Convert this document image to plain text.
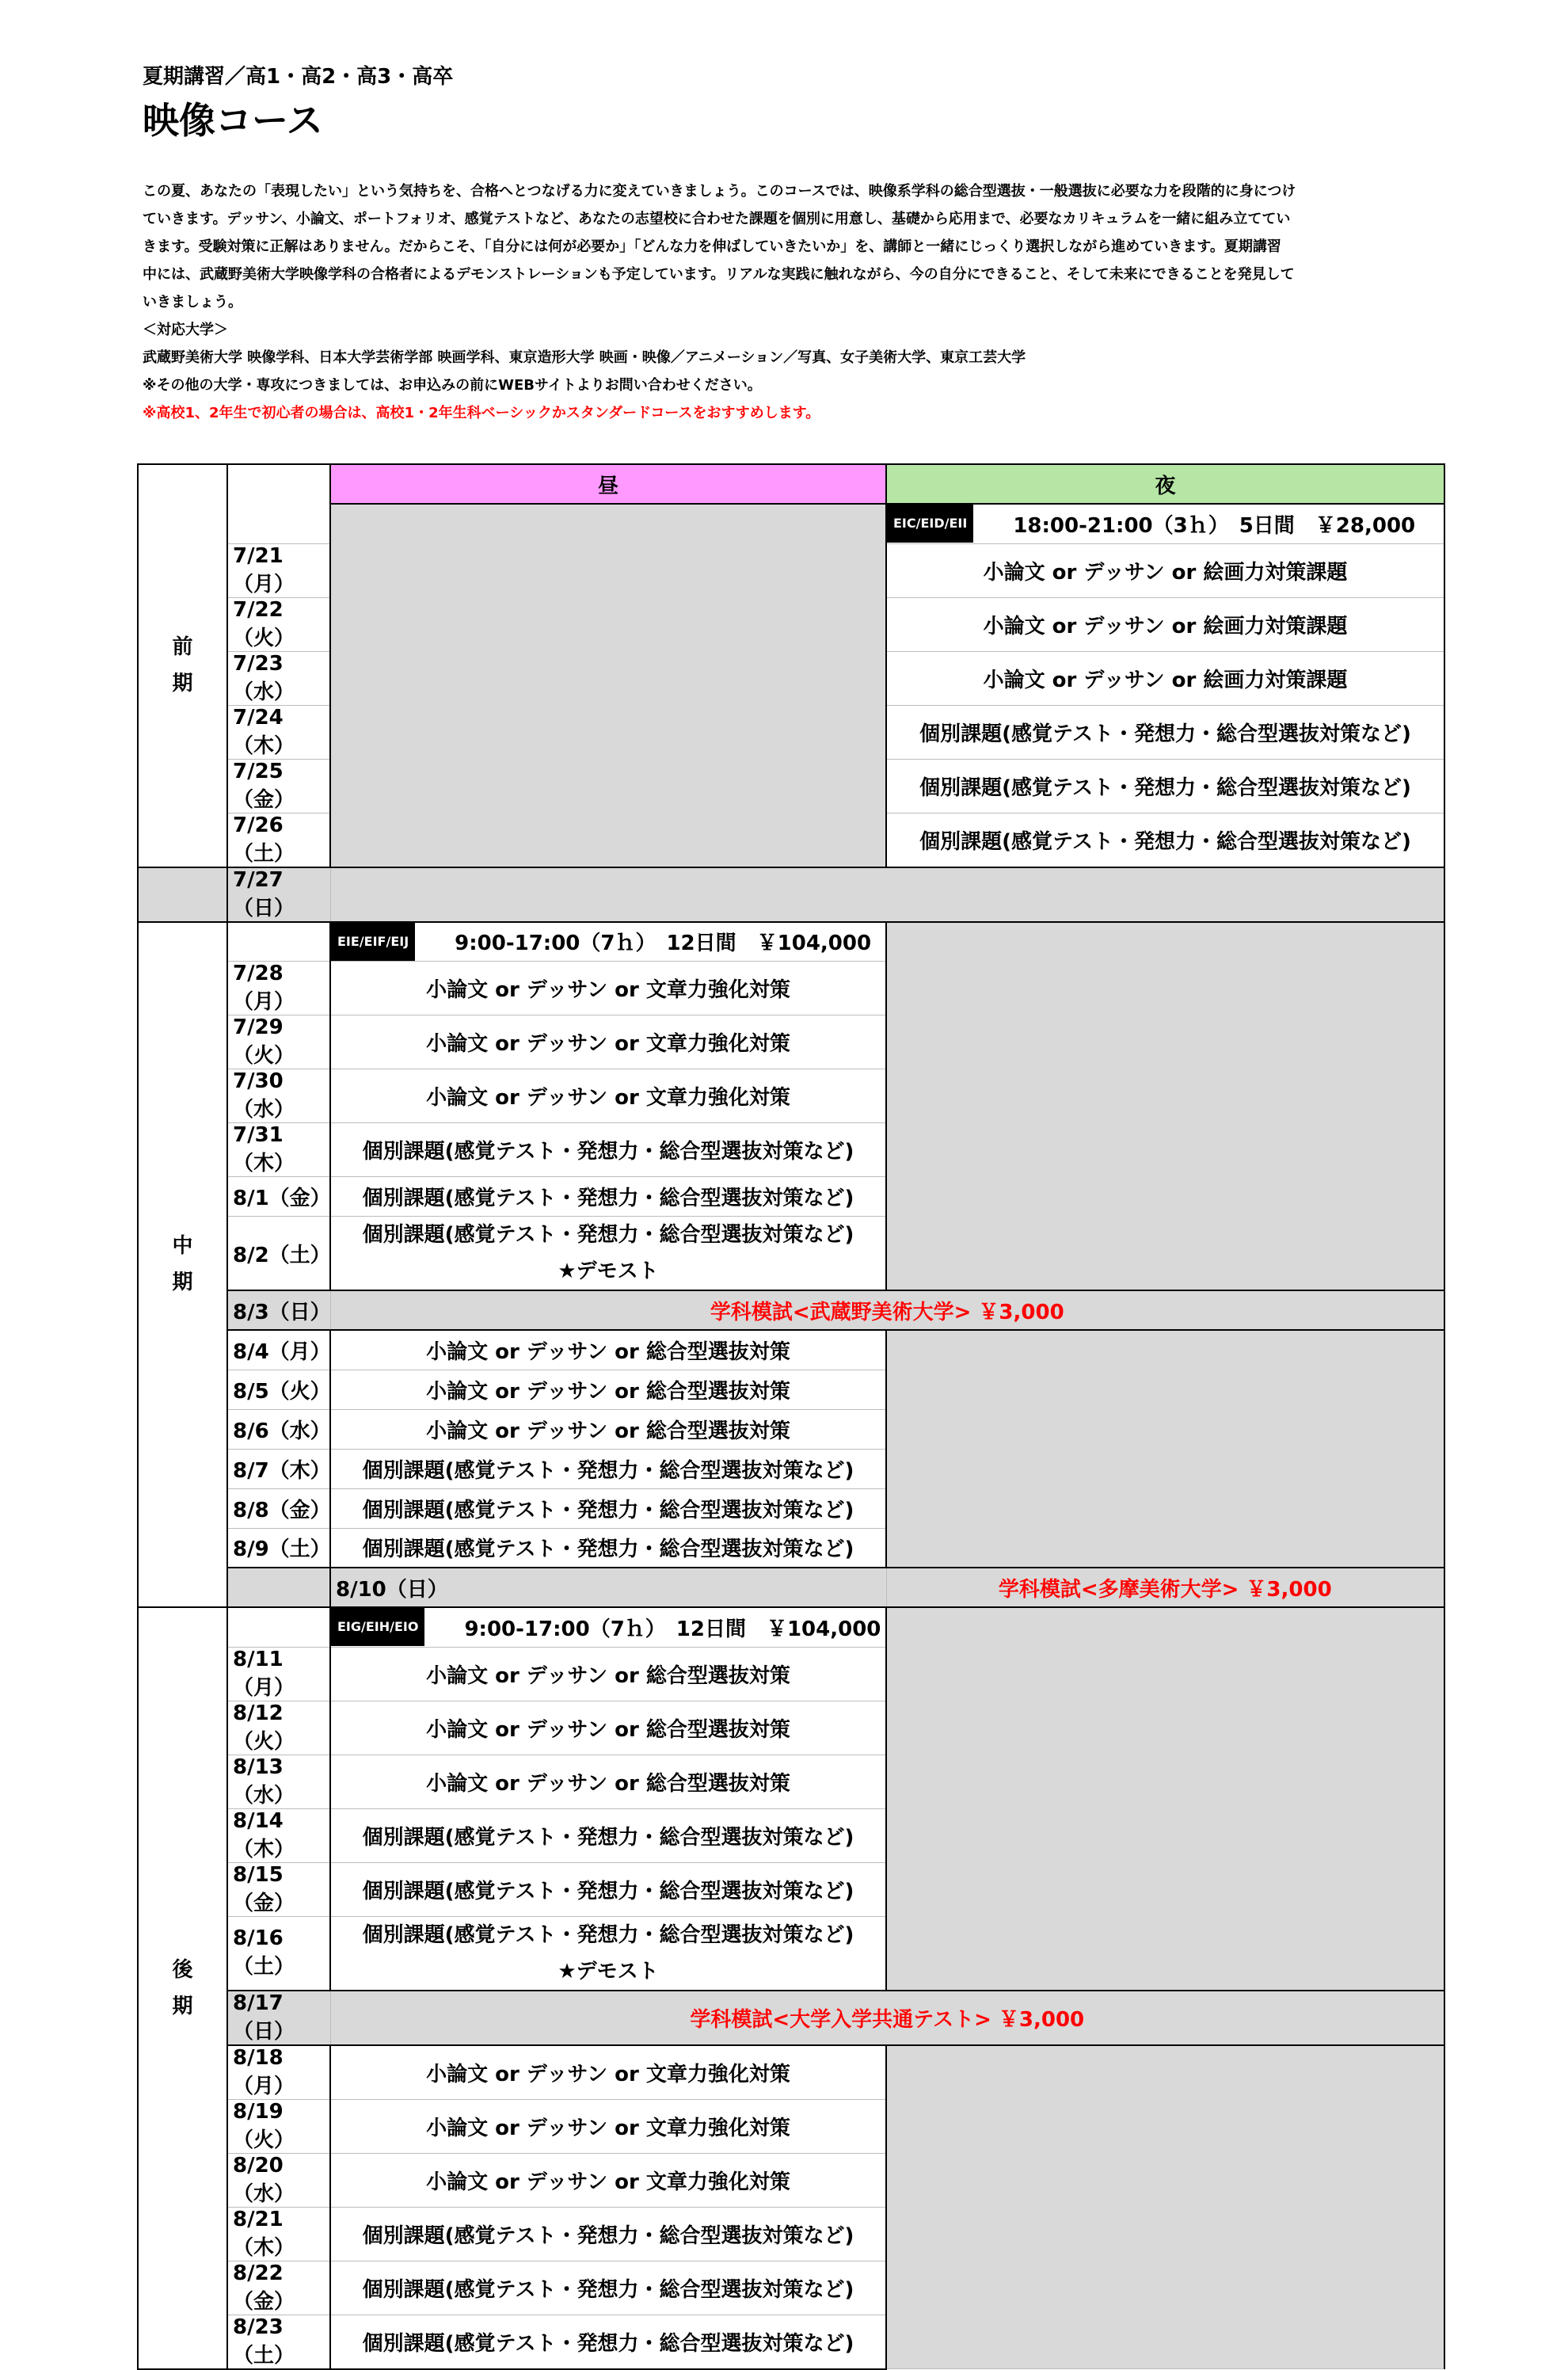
夏期講習／高1・高2・高3・高卒
映像コース

この夏、あなたの「表現したい」という気持ちを、合格へとつなげる力に変えていきましょう。このコースでは、映像系学科の総合型選抜・一般選抜に必要な力を段階的に身につけ

ていきます。デッサン、小論文、ポートフォリオ、感覚テストなど、あなたの志望校に合わせた課題を個別に用意し、基礎から応用まで、必要なカリキュラムを一緒に組み立ててい

きます。受験対策に正解はありません。だからこそ、「自分には何が必要か」「どんな力を伸ばしていきたいか」を、講師と一緒にじっくり選択しながら進めていきます。夏期講習

中には、武蔵野美術大学映像学科の合格者によるデモンストレーションも予定しています。リアルな実践に触れながら、今の自分にできること、そして未来にできることを発見して

いきましょう。

＜対応大学＞

武蔵野美術大学 映像学科、日本大学芸術学部 映画学科、東京造形大学 映画・映像／アニメーション／写真、女子美術大学、東京工芸大学

※その他の大学・専攻につきましては、お申込みの前にWEBサイトよりお問い合わせください。

※高校1、2年生で初心者の場合は、高校1・2年生科ベーシックかスタンダードコースをおすすめします。

前
期		昼	夜
			EIC/EID/EII 18:00-21:00（3ｈ）　5日間　￥28,000
	7/21（月）		小論文 or デッサン or 絵画力対策課題
	7/22（火）		小論文 or デッサン or 絵画力対策課題
	7/23（水）		小論文 or デッサン or 絵画力対策課題
	7/24（木）		個別課題(感覚テスト・発想力・総合型選抜対策など)
	7/25（金）		個別課題(感覚テスト・発想力・総合型選抜対策など)
	7/26（土）		個別課題(感覚テスト・発想力・総合型選抜対策など)
	7/27（日）		

中
期		EIE/EIF/EIJ 9:00-17:00（7ｈ）　12日間　￥104,000	
	7/28（月）	小論文 or デッサン or 文章力強化対策	
	7/29（火）	小論文 or デッサン or 文章力強化対策	
	7/30（水）	小論文 or デッサン or 文章力強化対策	
	7/31（木）	個別課題(感覚テスト・発想力・総合型選抜対策など)	
	8/1（金）	個別課題(感覚テスト・発想力・総合型選抜対策など)	
	8/2（土）	個別課題(感覚テスト・発想力・総合型選抜対策など)
★デモスト	

	8/3（日）	学科模試<武蔵野美術大学> ￥3,000	
	8/4（月）	小論文 or デッサン or 総合型選抜対策	
	8/5（火）	小論文 or デッサン or 総合型選抜対策	
	8/6（水）	小論文 or デッサン or 総合型選抜対策	
	8/7（木）	個別課題(感覚テスト・発想力・総合型選抜対策など)	
	8/8（金）	個別課題(感覚テスト・発想力・総合型選抜対策など)	
	8/9（土）	個別課題(感覚テスト・発想力・総合型選抜対策など)	
		8/10（日）	学科模試<多摩美術大学> ￥3,000

後
期		EIG/EIH/EIO 9:00-17:00（7ｈ）　12日間　￥104,000	
	8/11（月）	小論文 or デッサン or 総合型選抜対策	
	8/12（火）	小論文 or デッサン or 総合型選抜対策	
	8/13（水）	小論文 or デッサン or 総合型選抜対策	
	8/14（木）	個別課題(感覚テスト・発想力・総合型選抜対策など)	
	8/15（金）	個別課題(感覚テスト・発想力・総合型選抜対策など)	
	8/16（土）	個別課題(感覚テスト・発想力・総合型選抜対策など)
★デモスト	

	8/17（日）	学科模試<大学入学共通テスト> ￥3,000	
	8/18（月）	小論文 or デッサン or 文章力強化対策	
	8/19（火）	小論文 or デッサン or 文章力強化対策	
	8/20（水）	小論文 or デッサン or 文章力強化対策	
	8/21（木）	個別課題(感覚テスト・発想力・総合型選抜対策など)	
	8/22（金）	個別課題(感覚テスト・発想力・総合型選抜対策など)	
	8/23（土）	個別課題(感覚テスト・発想力・総合型選抜対策など)	
